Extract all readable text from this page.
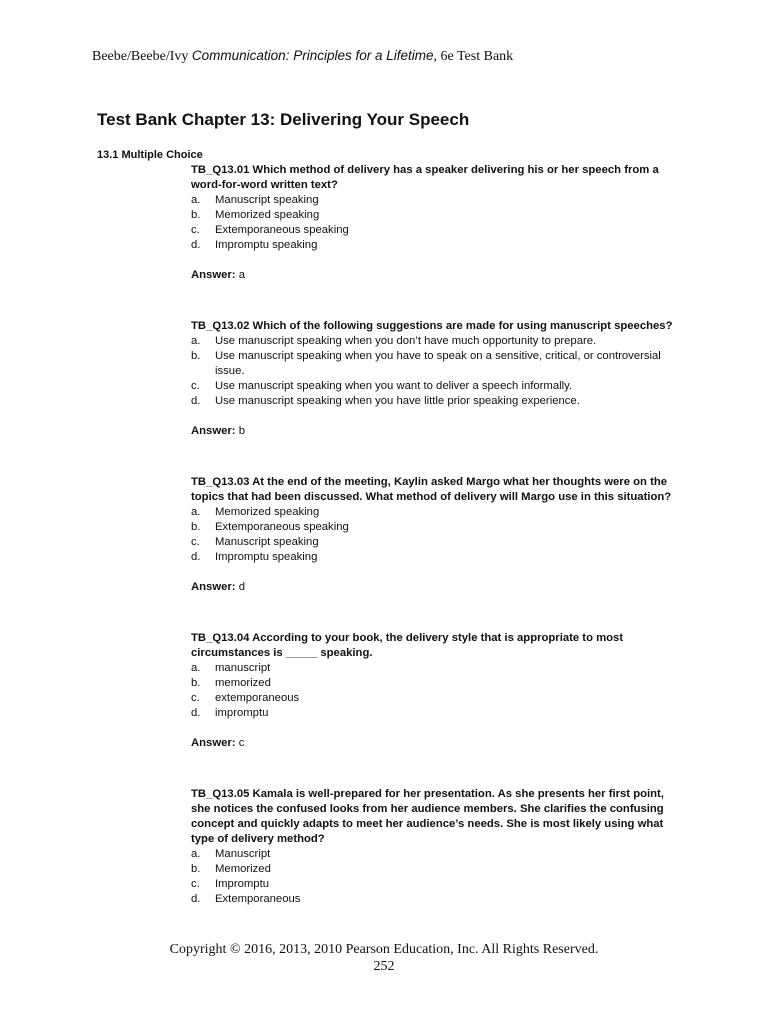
Beebe/Beebe/Ivy Communication: Principles for a Lifetime, 6e Test Bank
Test Bank Chapter 13: Delivering Your Speech
13.1 Multiple Choice
TB_Q13.01 Which method of delivery has a speaker delivering his or her speech from a word-for-word written text?
a.	Manuscript speaking
b.	Memorized speaking
c.	Extemporaneous speaking
d.	Impromptu speaking
Answer: a
TB_Q13.02 Which of the following suggestions are made for using manuscript speeches?
a.	Use manuscript speaking when you don’t have much opportunity to prepare.
b.	Use manuscript speaking when you have to speak on a sensitive, critical, or controversial issue.
c.	Use manuscript speaking when you want to deliver a speech informally.
d.	Use manuscript speaking when you have little prior speaking experience.
Answer: b
TB_Q13.03 At the end of the meeting, Kaylin asked Margo what her thoughts were on the topics that had been discussed. What method of delivery will Margo use in this situation?
a.	Memorized speaking
b.	Extemporaneous speaking
c.	Manuscript speaking
d.	Impromptu speaking
Answer: d
TB_Q13.04 According to your book, the delivery style that is appropriate to most circumstances is _____ speaking.
a.	manuscript
b.	memorized
c.	extemporaneous
d.	impromptu
Answer: c
TB_Q13.05 Kamala is well-prepared for her presentation. As she presents her first point, she notices the confused looks from her audience members. She clarifies the confusing concept and quickly adapts to meet her audience’s needs. She is most likely using what type of delivery method?
a.	Manuscript
b.	Memorized
c.	Impromptu
d.	Extemporaneous
Copyright © 2016, 2013, 2010 Pearson Education, Inc. All Rights Reserved.
252
